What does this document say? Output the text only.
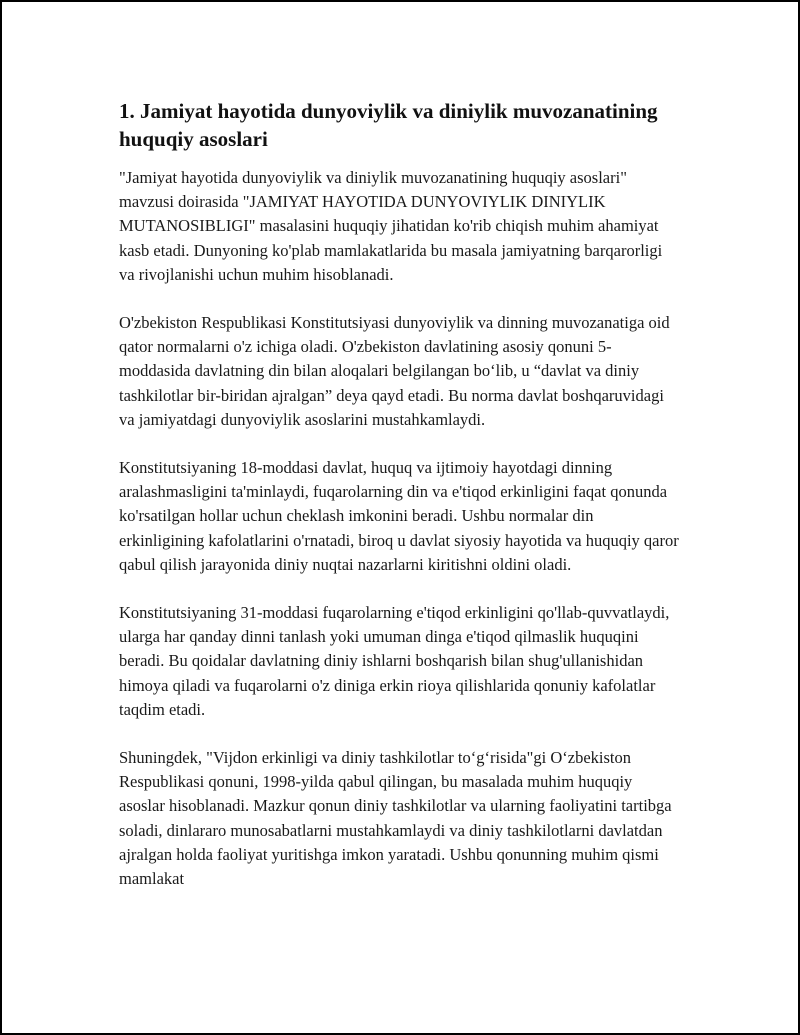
1. Jamiyat hayotida dunyoviylik va diniylik muvozanatining huquqiy asoslari

"Jamiyat hayotida dunyoviylik va diniylik muvozanatining huquqiy asoslari" mavzusi doirasida "JAMIYAT HAYOTIDA DUNYOVIYLIK DINIYLIK MUTANOSIBLIGI" masalasini huquqiy jihatidan ko'rib chiqish muhim ahamiyat kasb etadi. Dunyoning ko'plab mamlakatlarida bu masala jamiyatning barqarorligi va rivojlanishi uchun muhim hisoblanadi.

O'zbekiston Respublikasi Konstitutsiyasi dunyoviylik va dinning muvozanatiga oid qator normalarni o'z ichiga oladi. O'zbekiston davlatining asosiy qonuni 5-moddasida davlatning din bilan aloqalari belgilangan bo‘lib, u “davlat va diniy tashkilotlar bir-biridan ajralgan” deya qayd etadi. Bu norma davlat boshqaruvidagi va jamiyatdagi dunyoviylik asoslarini mustahkamlaydi.

Konstitutsiyaning 18-moddasi davlat, huquq va ijtimoiy hayotdagi dinning aralashmasligini ta'minlaydi, fuqarolarning din va e'tiqod erkinligini faqat qonunda ko'rsatilgan hollar uchun cheklash imkonini beradi. Ushbu normalar din erkinligining kafolatlarini o'rnatadi, biroq u davlat siyosiy hayotida va huquqiy qaror qabul qilish jarayonida diniy nuqtai nazarlarni kiritishni oldini oladi.

Konstitutsiyaning 31-moddasi fuqarolarning e'tiqod erkinligini qo'llab-quvvatlaydi, ularga har qanday dinni tanlash yoki umuman dinga e'tiqod qilmaslik huquqini beradi. Bu qoidalar davlatning diniy ishlarni boshqarish bilan shug'ullanishidan himoya qiladi va fuqarolarni o'z diniga erkin rioya qilishlarida qonuniy kafolatlar taqdim etadi.

Shuningdek, "Vijdon erkinligi va diniy tashkilotlar to‘g‘risida"gi O‘zbekiston Respublikasi qonuni, 1998-yilda qabul qilingan, bu masalada muhim huquqiy asoslar hisoblanadi. Mazkur qonun diniy tashkilotlar va ularning faoliyatini tartibga soladi, dinlararo munosabatlarni mustahkamlaydi va diniy tashkilotlarni davlatdan ajralgan holda faoliyat yuritishga imkon yaratadi. Ushbu qonunning muhim qismi mamlakat
